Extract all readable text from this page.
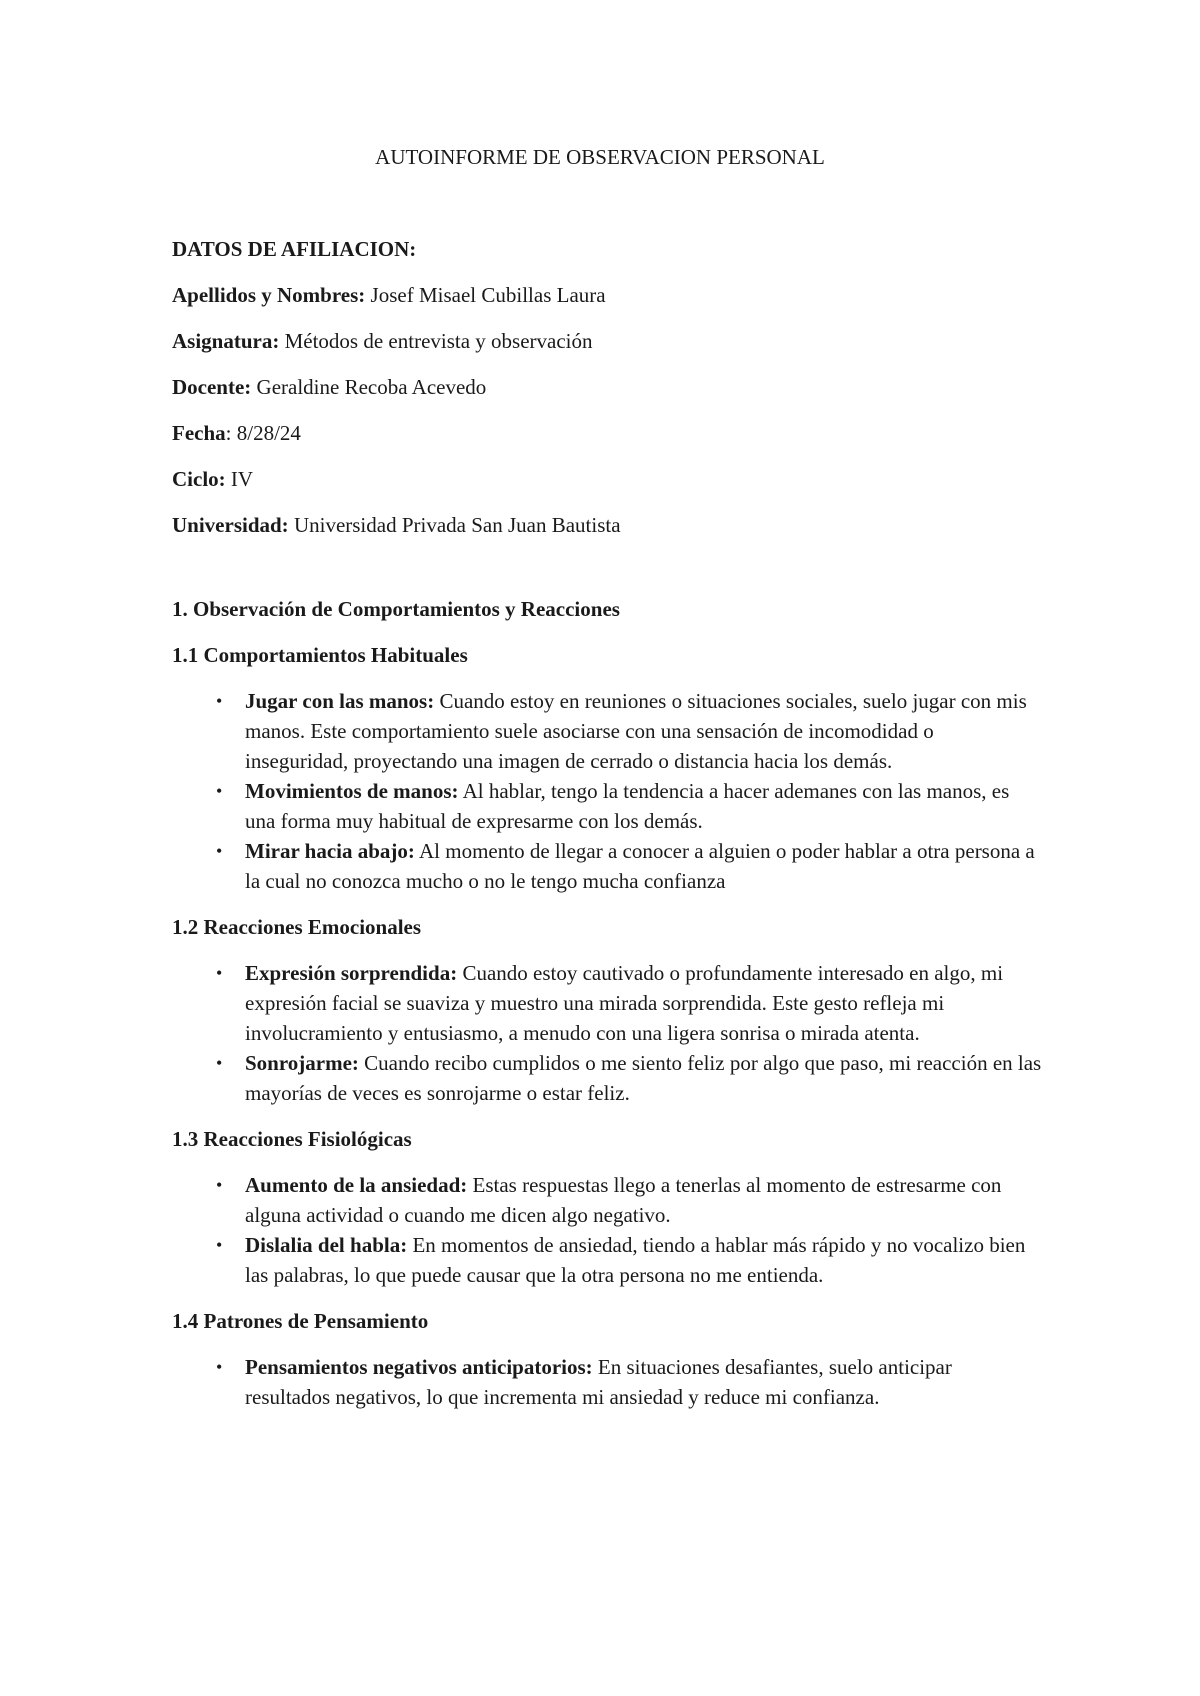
AUTOINFORME DE OBSERVACION PERSONAL

DATOS DE AFILIACION:

Apellidos y Nombres: Josef Misael Cubillas Laura

Asignatura: Métodos de entrevista y observación

Docente: Geraldine Recoba Acevedo

Fecha: 8/28/24

Ciclo: IV

Universidad: Universidad Privada San Juan Bautista

1. Observación de Comportamientos y Reacciones

1.1 Comportamientos Habituales

• Jugar con las manos: Cuando estoy en reuniones o situaciones sociales, suelo jugar con mis manos. Este comportamiento suele asociarse con una sensación de incomodidad o inseguridad, proyectando una imagen de cerrado o distancia hacia los demás.
• Movimientos de manos: Al hablar, tengo la tendencia a hacer ademanes con las manos, es una forma muy habitual de expresarme con los demás.
• Mirar hacia abajo: Al momento de llegar a conocer a alguien o poder hablar a otra persona a la cual no conozca mucho o no le tengo mucha confianza

1.2 Reacciones Emocionales

• Expresión sorprendida: Cuando estoy cautivado o profundamente interesado en algo, mi expresión facial se suaviza y muestro una mirada sorprendida. Este gesto refleja mi involucramiento y entusiasmo, a menudo con una ligera sonrisa o mirada atenta.
• Sonrojarme: Cuando recibo cumplidos o me siento feliz por algo que paso, mi reacción en las mayorías de veces es sonrojarme o estar feliz.

1.3 Reacciones Fisiológicas

• Aumento de la ansiedad: Estas respuestas llego a tenerlas al momento de estresarme con alguna actividad o cuando me dicen algo negativo.
• Dislalia del habla: En momentos de ansiedad, tiendo a hablar más rápido y no vocalizo bien las palabras, lo que puede causar que la otra persona no me entienda.

1.4 Patrones de Pensamiento

• Pensamientos negativos anticipatorios: En situaciones desafiantes, suelo anticipar resultados negativos, lo que incrementa mi ansiedad y reduce mi confianza.
